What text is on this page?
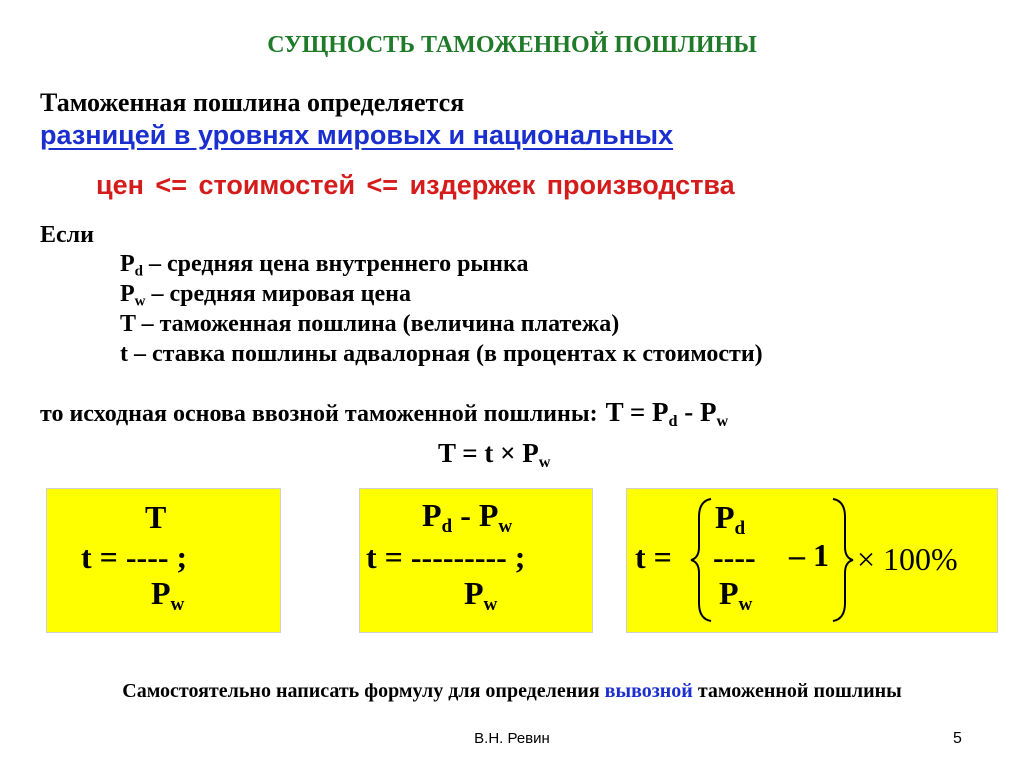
СУЩНОСТЬ ТАМОЖЕННОЙ ПОШЛИНЫ
Таможенная пошлина определяется
разницей в уровнях мировых и национальных
цен <= стоимостей <= издержек производства
Если
$P_d$ – средняя цена внутреннего рынка
$P_w$ – средняя мировая цена
T – таможенная пошлина (величина платежа)
t – ставка пошлины адвалорная (в процентах к стоимости)
то исходная основа ввозной таможенной пошлины: $T = P_d - P_w$
$T = t \times P_w$
T
t = ---- ;
$P_w$
$P_d - P_w$
t = --------- ;
$P_w$
t =
$P_d$
---- – 1
$P_w$
× 100%
Самостоятельно написать формулу для определения вывозной таможенной пошлины
В.Н. Ревин	5
